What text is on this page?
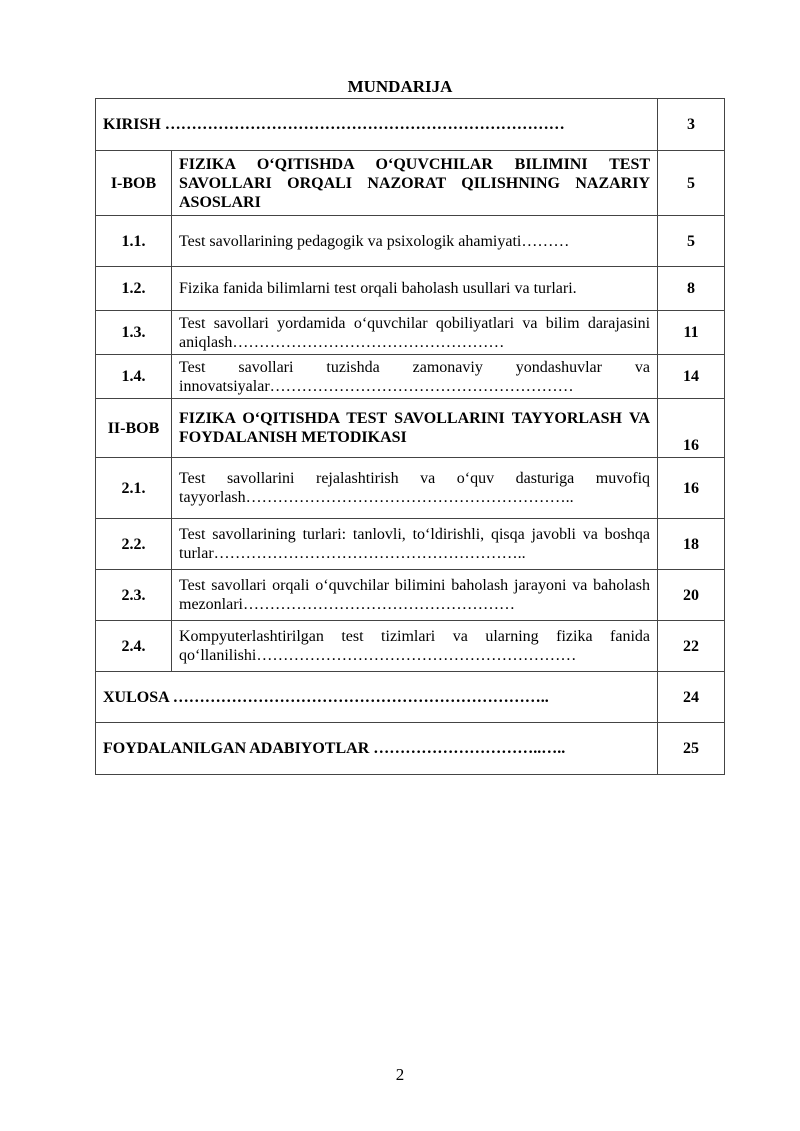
MUNDARIJA
KIRISH …………………………………………………………………		3
I-BOB	FIZIKA O‘QITISHDA O‘QUVCHILAR BILIMINI TEST SAVOLLARI ORQALI NAZORAT QILISHNING NAZARIY ASOSLARI	5
1.1.	Test savollarining pedagogik va psixologik ahamiyati………	5
1.2.	Fizika fanida bilimlarni test orqali baholash usullari va turlari.	8
1.3.	Test savollari yordamida o‘quvchilar qobiliyatlari va bilim darajasini aniqlash……………………………………………	11
1.4.	Test savollari tuzishda zamonaviy yondashuvlar va innovatsiyalar…………………………………………………	14
II-BOB	FIZIKA O‘QITISHDA TEST SAVOLLARINI TAYYORLASH VA FOYDALANISH METODIKASI	16
2.1.	Test savollarini rejalashtirish va o‘quv dasturiga muvofiq tayyorlash……………………………………………………..	16
2.2.	Test savollarining turlari: tanlovli, to‘ldirishli, qisqa javobli va boshqa turlar…………………………………………………..	18
2.3.	Test savollari orqali o‘quvchilar bilimini baholash jarayoni va baholash mezonlari……………………………………………	20
2.4.	Kompyuterlashtirilgan test tizimlari va ularning fizika fanida qo‘llanilishi……………………………………………………	22
XULOSA ……………………………………………………………..		24
FOYDALANILGAN ADABIYOTLAR …………………………..…..		25
2
